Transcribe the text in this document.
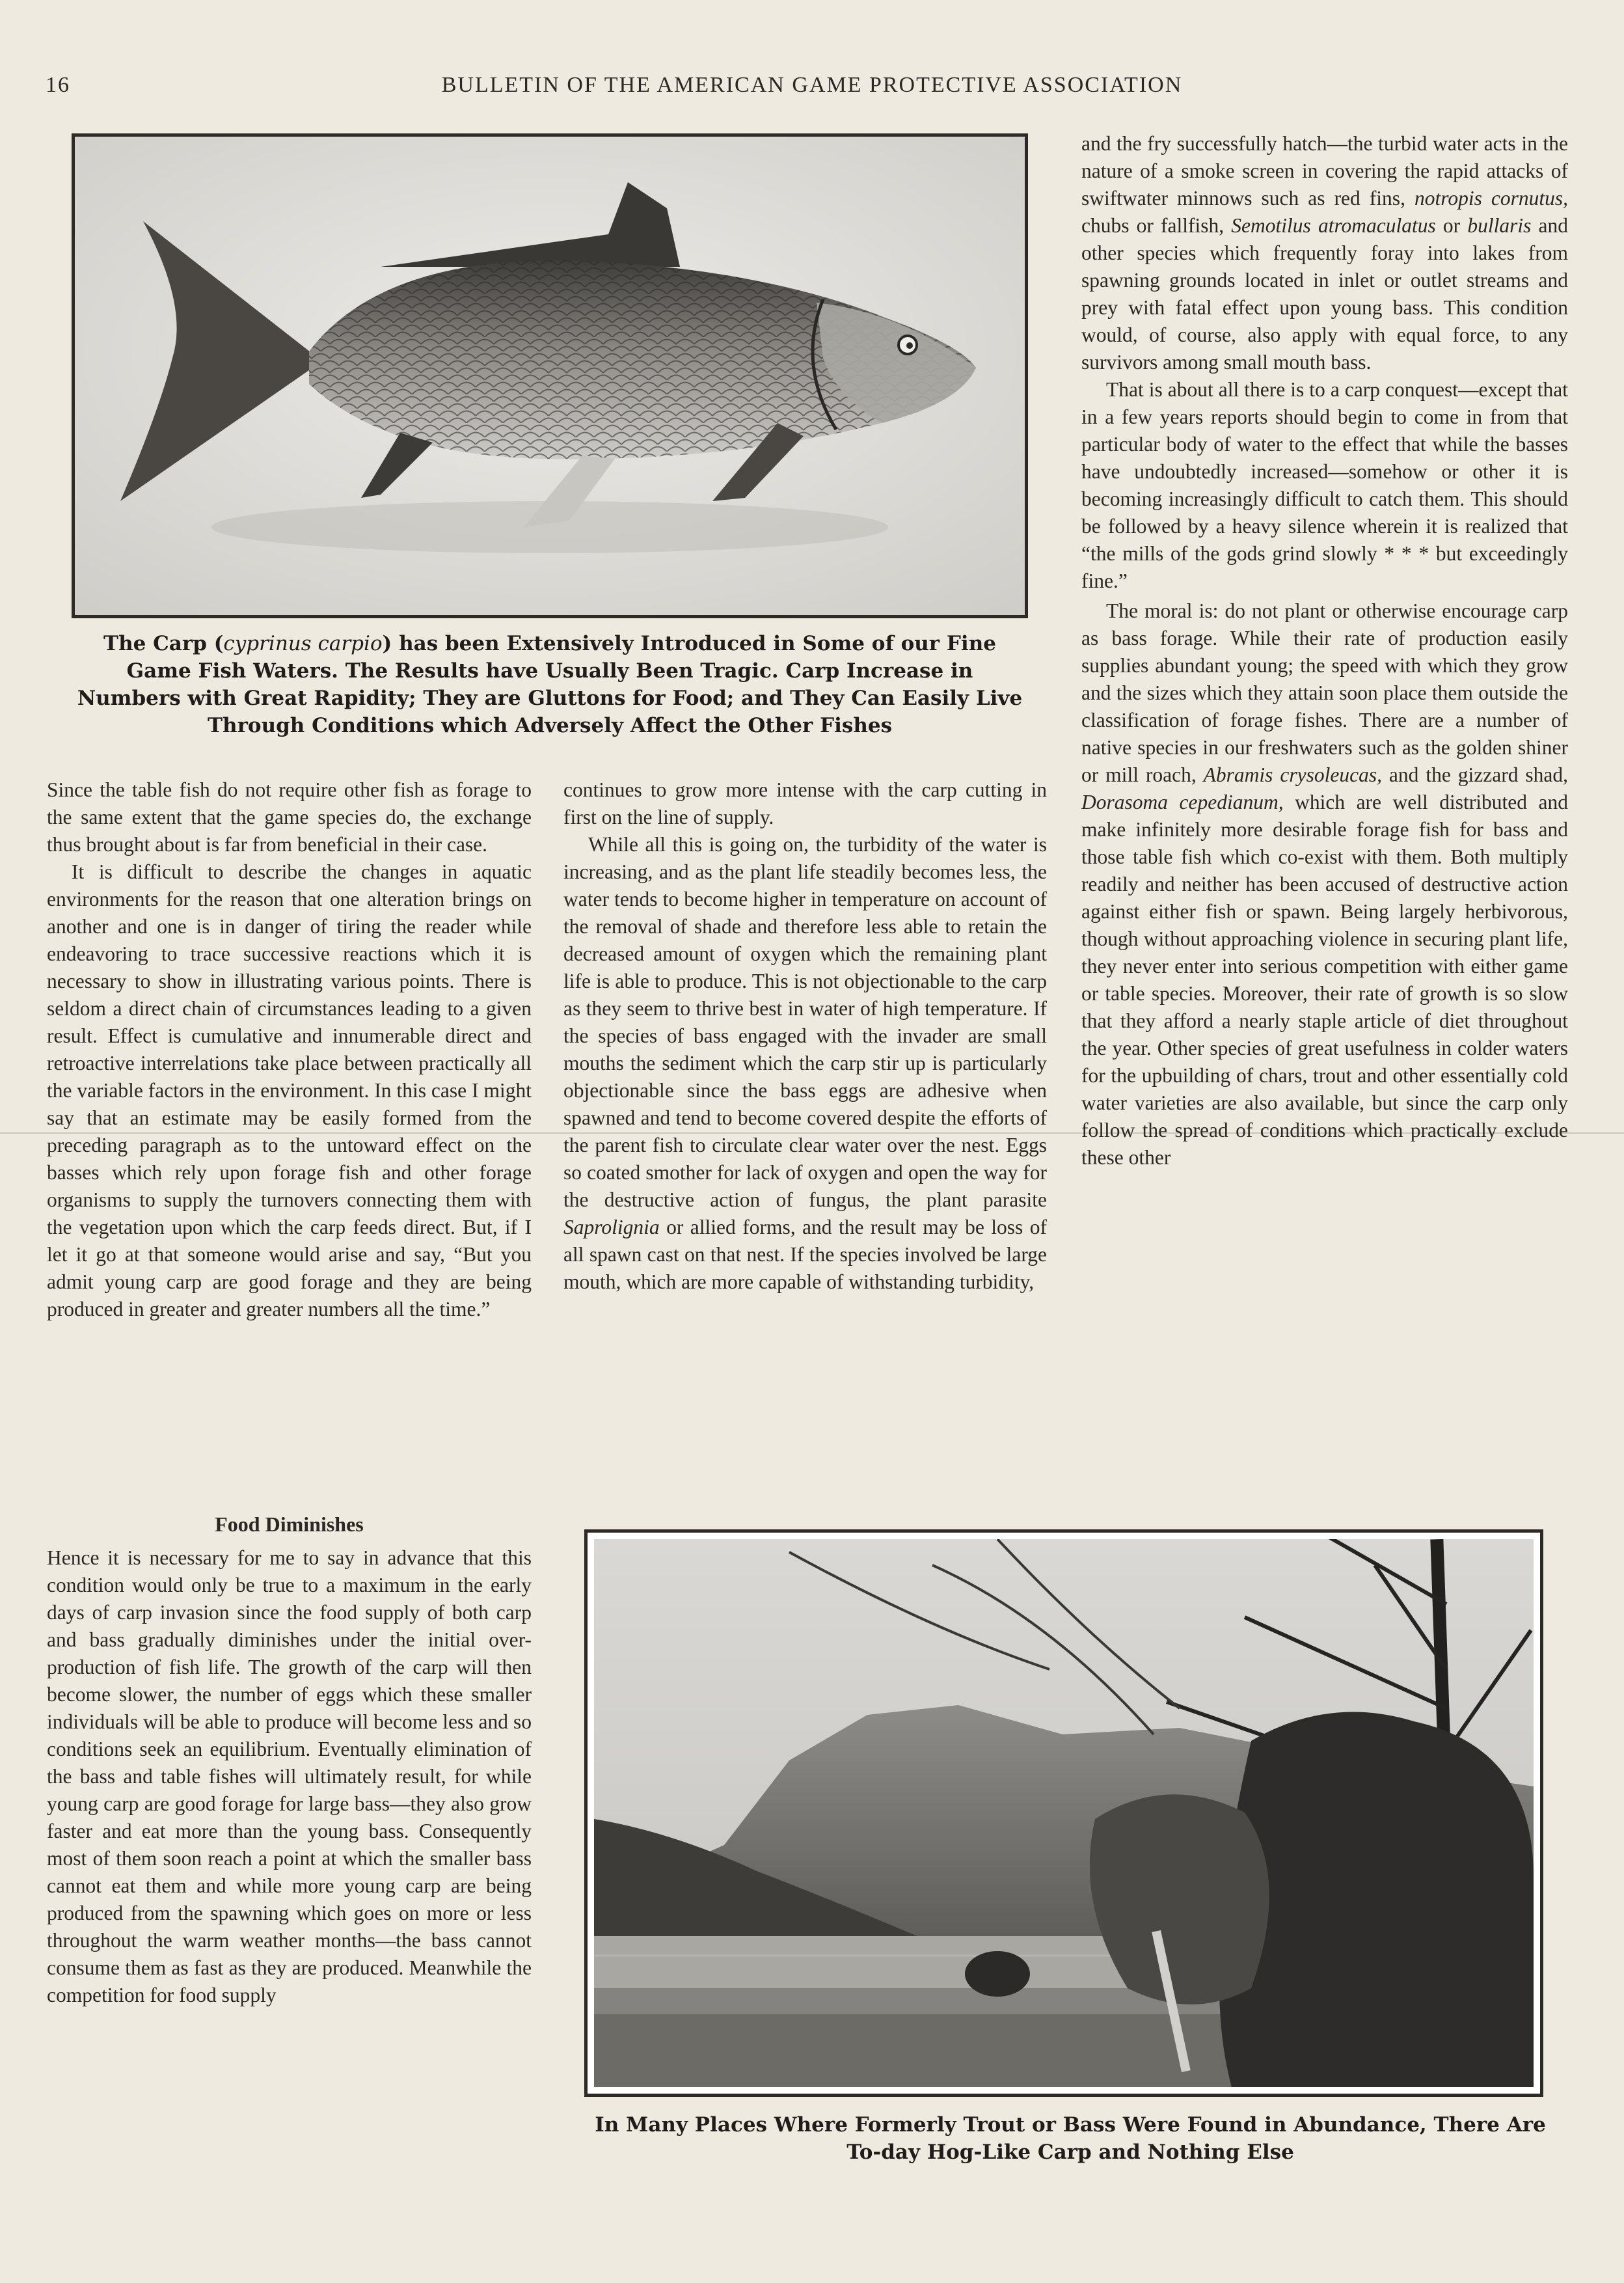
16	BULLETIN OF THE AMERICAN GAME PROTECTIVE ASSOCIATION
The Carp (cyprinus carpio) has been Extensively Introduced in Some of our Fine Game Fish Waters. The Results have Usually Been Tragic. Carp Increase in Numbers with Great Rapidity; They are Gluttons for Food; and They Can Easily Live Through Conditions which Adversely Affect the Other Fishes

Since the table fish do not require other fish as forage to the same extent that the game species do, the exchange thus brought about is far from beneficial in their case.

It is difficult to describe the changes in aquatic environments for the reason that one alteration brings on another and one is in danger of tiring the reader while endeavoring to trace successive reactions which it is necessary to show in illustrating various points. There is seldom a direct chain of circumstances leading to a given result. Effect is cumulative and innumerable direct and retroactive interrelations take place between practically all the variable factors in the environment. In this case I might say that an estimate may be easily formed from the preceding paragraph as to the untoward effect on the basses which rely upon forage fish and other forage organisms to supply the turnovers connecting them with the vegetation upon which the carp feeds direct. But, if I let it go at that someone would arise and say, “But you admit young carp are good forage and they are being produced in greater and greater numbers all the time.”

Food Diminishes

Hence it is necessary for me to say in advance that this condition would only be true to a maximum in the early days of carp invasion since the food supply of both carp and bass gradually diminishes under the initial over-production of fish life. The growth of the carp will then become slower, the number of eggs which these smaller individuals will be able to produce will become less and so conditions seek an equilibrium. Eventually elimination of the bass and table fishes will ultimately result, for while young carp are good forage for large bass—they also grow faster and eat more than the young bass. Consequently most of them soon reach a point at which the smaller bass cannot eat them and while more young carp are being produced from the spawning which goes on more or less throughout the warm weather months—the bass cannot consume them as fast as they are produced. Meanwhile the competition for food supply

continues to grow more intense with the carp cutting in first on the line of supply.

While all this is going on, the turbidity of the water is increasing, and as the plant life steadily becomes less, the water tends to become higher in temperature on account of the removal of shade and therefore less able to retain the decreased amount of oxygen which the remaining plant life is able to produce. This is not objectionable to the carp as they seem to thrive best in water of high temperature. If the species of bass engaged with the invader are small mouths the sediment which the carp stir up is particularly objectionable since the bass eggs are adhesive when spawned and tend to become covered despite the efforts of the parent fish to circulate clear water over the nest. Eggs so coated smother for lack of oxygen and open the way for the destructive action of fungus, the plant parasite Saprolignia or allied forms, and the result may be loss of all spawn cast on that nest. If the species involved be large mouth, which are more capable of withstanding turbidity,

and the fry successfully hatch—the turbid water acts in the nature of a smoke screen in covering the rapid attacks of swiftwater minnows such as red fins, notropis cornutus, chubs or fallfish, Semotilus atromaculatus or bullaris and other species which frequently foray into lakes from spawning grounds located in inlet or outlet streams and prey with fatal effect upon young bass. This condition would, of course, also apply with equal force, to any survivors among small mouth bass.

That is about all there is to a carp conquest—except that in a few years reports should begin to come in from that particular body of water to the effect that while the basses have undoubtedly increased—somehow or other it is becoming increasingly difficult to catch them. This should be followed by a heavy silence wherein it is realized that “the mills of the gods grind slowly * * * but exceedingly fine.”

The moral is: do not plant or otherwise encourage carp as bass forage. While their rate of production easily supplies abundant young; the speed with which they grow and the sizes which they attain soon place them outside the classification of forage fishes. There are a number of native species in our freshwaters such as the golden shiner or mill roach, Abramis crysoleucas, and the gizzard shad, Dorasoma cepedianum, which are well distributed and make infinitely more desirable forage fish for bass and those table fish which co-exist with them. Both multiply readily and neither has been accused of destructive action against either fish or spawn. Being largely herbivorous, though without approaching violence in securing plant life, they never enter into serious competition with either game or table species. Moreover, their rate of growth is so slow that they afford a nearly staple article of diet throughout the year. Other species of great usefulness in colder waters for the upbuilding of chars, trout and other essentially cold water varieties are also available, but since the carp only follow the spread of conditions which practically exclude these other

In Many Places Where Formerly Trout or Bass Were Found in Abundance, There Are To-day Hog-Like Carp and Nothing Else
